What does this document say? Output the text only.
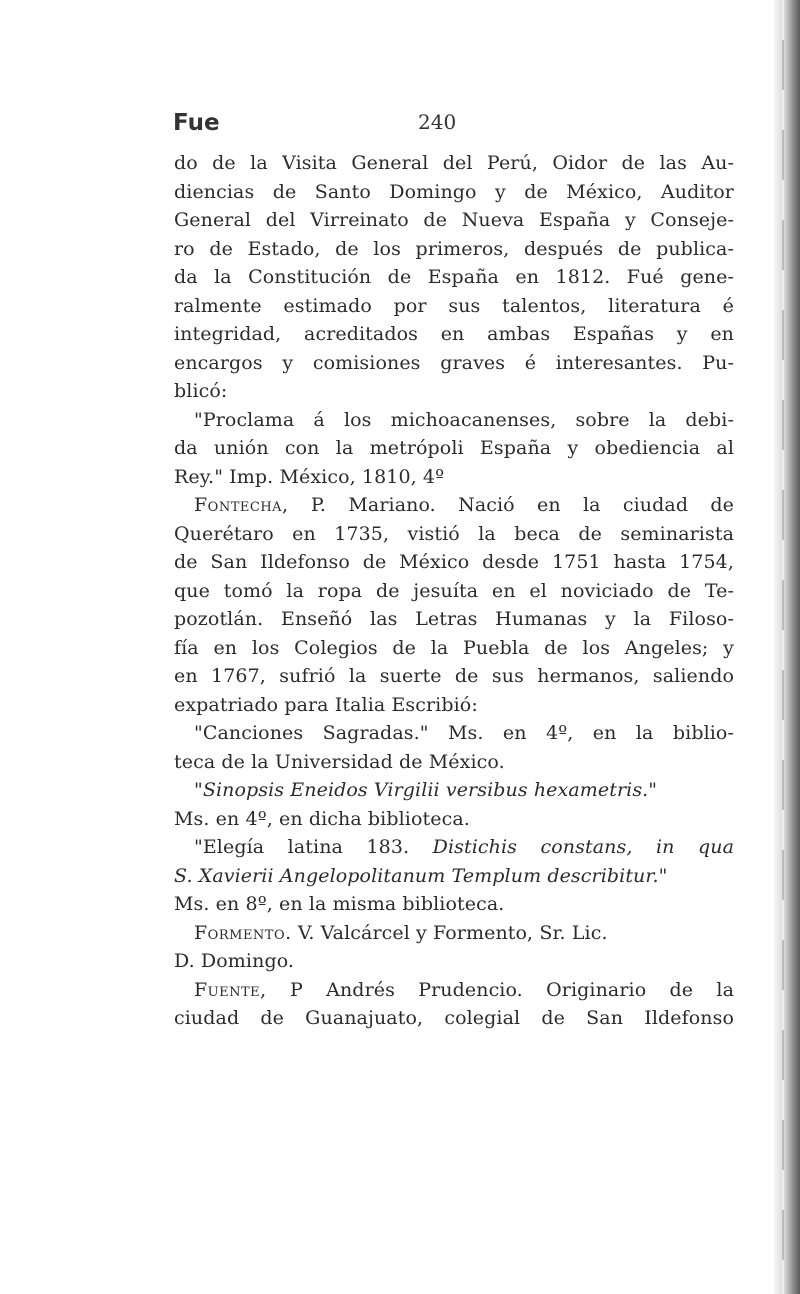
Fue	240
do de la Visita General del Perú, Oidor de las Au-
diencias de Santo Domingo y de México, Auditor
General del Virreinato de Nueva España y Conseje-
ro de Estado, de los primeros, después de publica-
da la Constitución de España en 1812. Fué gene-
ralmente estimado por sus talentos, literatura é
integridad, acreditados en ambas Españas y en
encargos y comisiones graves é interesantes. Pu-
blicó:
"Proclama á los michoacanenses, sobre la debi-
da unión con la metrópoli España y obediencia al
Rey." Imp. México, 1810, 4º
Fontecha, P. Mariano. Nació en la ciudad de
Querétaro en 1735, vistió la beca de seminarista
de San Ildefonso de México desde 1751 hasta 1754,
que tomó la ropa de jesuíta en el noviciado de Te-
pozotlán. Enseñó las Letras Humanas y la Filoso-
fía en los Colegios de la Puebla de los Angeles; y
en 1767, sufrió la suerte de sus hermanos, saliendo
expatriado para Italia Escribió:
"Canciones Sagradas." Ms. en 4º, en la biblio-
teca de la Universidad de México.
"Sinopsis Eneidos Virgilii versibus hexametris."
Ms. en 4º, en dicha biblioteca.
"Elegía latina 183. Distichis constans, in qua
S. Xavierii Angelopolitanum Templum describitur."
Ms. en 8º, en la misma biblioteca.
Formento. V. Valcárcel y Formento, Sr. Lic.
D. Domingo.
Fuente, P Andrés Prudencio. Originario de la
ciudad de Guanajuato, colegial de San Ildefonso
